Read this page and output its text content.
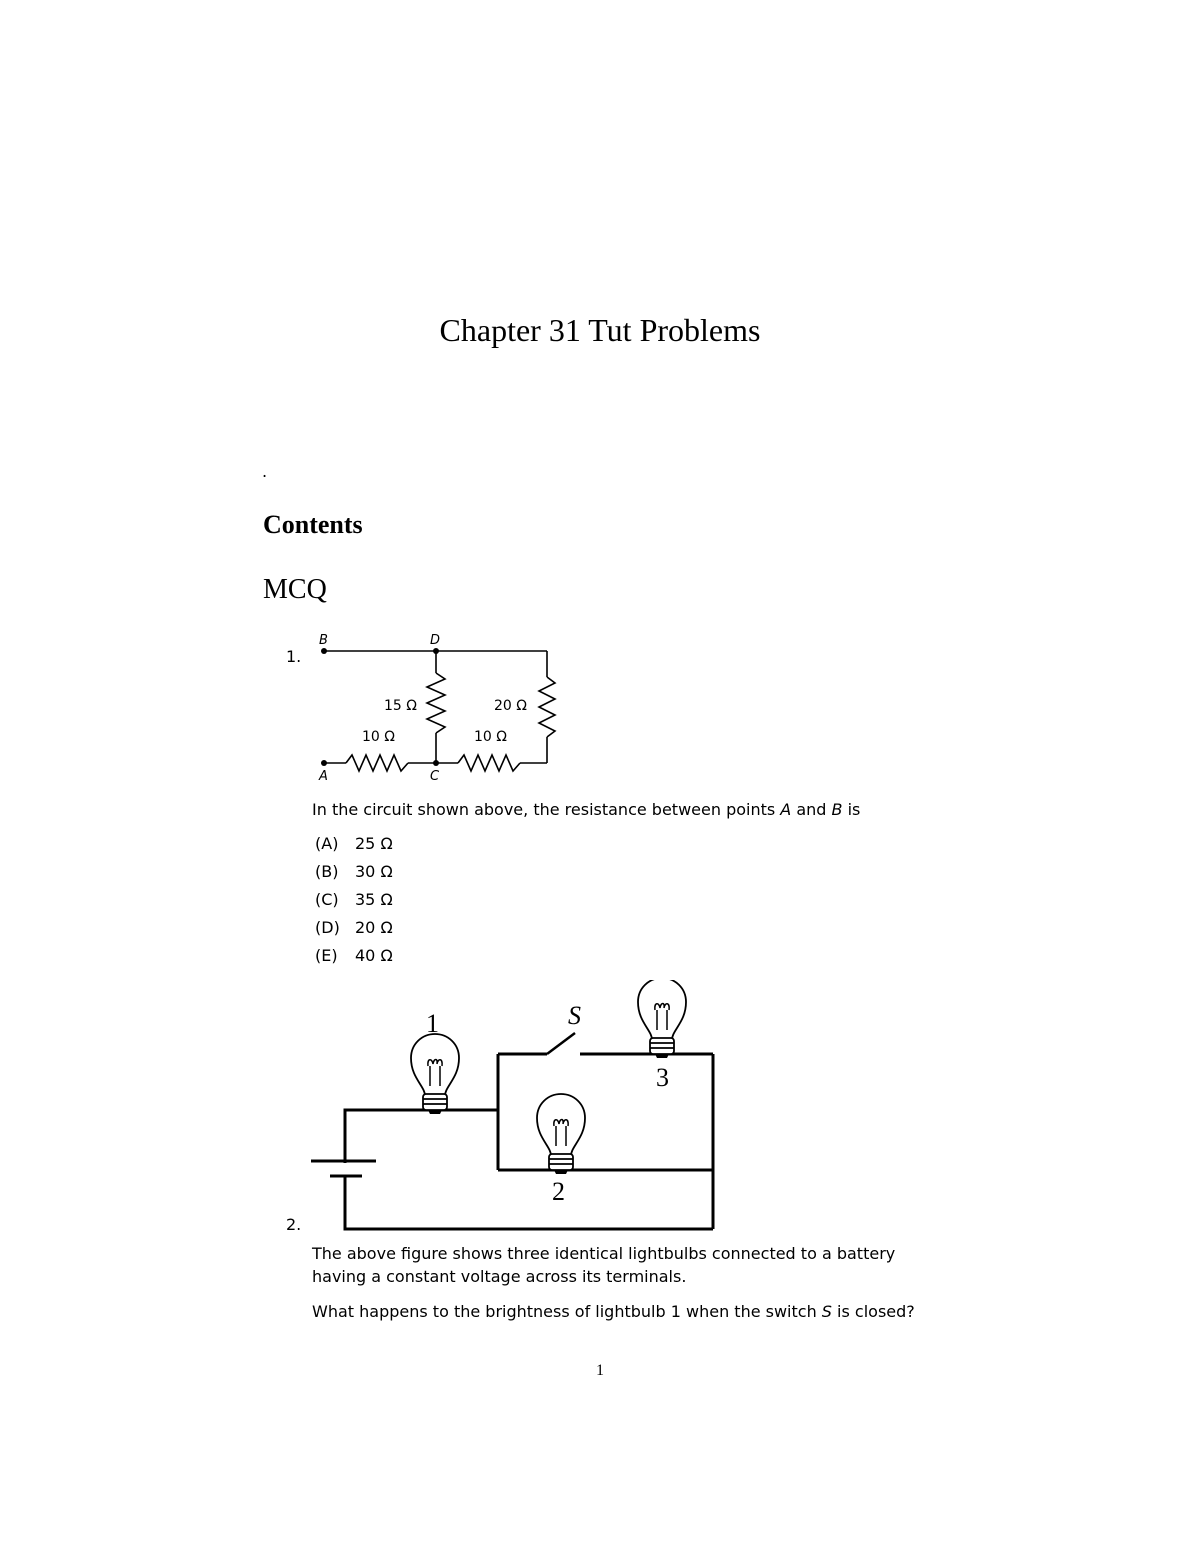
Chapter 31 Tut Problems
.
Contents
MCQ
1.
B	D
A	C
15 Ω	20 Ω
10 Ω	10 Ω
In the circuit shown above, the resistance between points A and B is
(A) 25 Ω
(B) 30 Ω
(C) 35 Ω
(D) 20 Ω
(E) 40 Ω
2.
1
2
3
S
The above figure shows three identical lightbulbs connected to a battery
having a constant voltage across its terminals.
What happens to the brightness of lightbulb 1 when the switch S is closed?
1
